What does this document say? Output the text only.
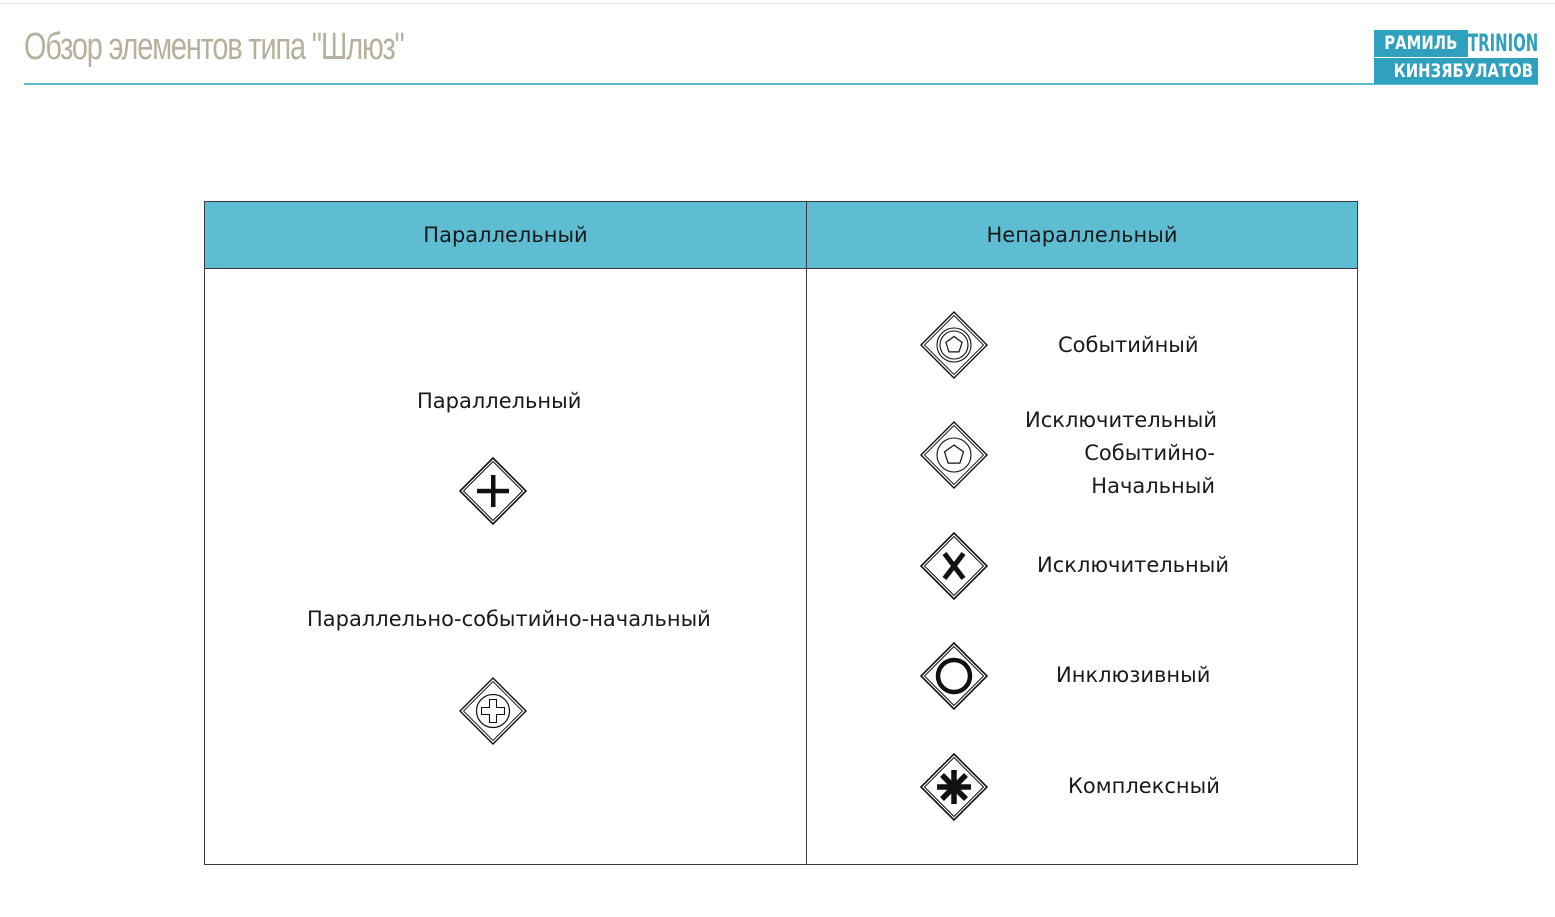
Обзор элементов типа "Шлюз"	РАМИЛЬ TRINION
КИНЗЯБУЛАТОВ
Параллельный	Непараллельный
Параллельный
Параллельно-событийно-начальный
Событийный
Исключительный
Событийно-
Начальный
Исключительный
Инклюзивный
Комплексный
